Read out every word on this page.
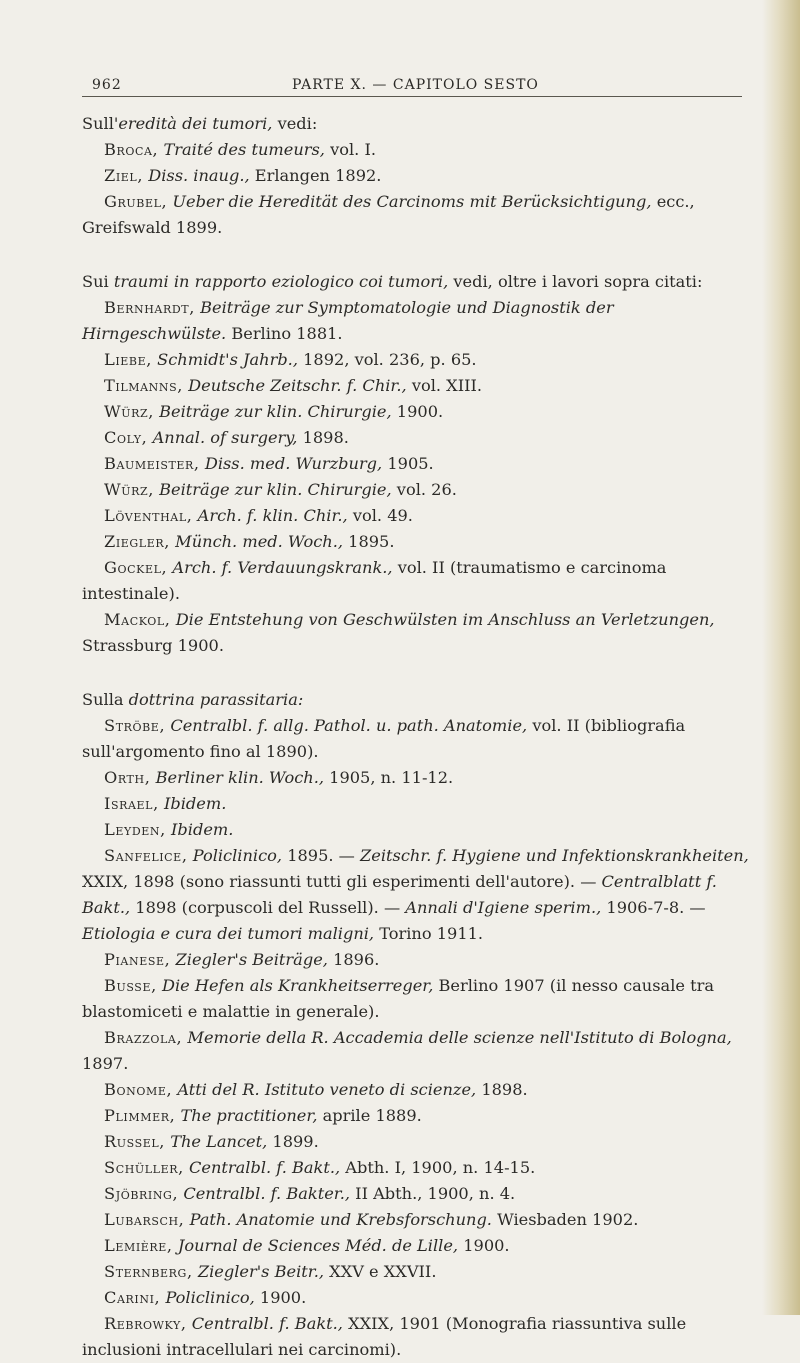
962	PARTE X. — CAPITOLO SESTO

Sull'eredità dei tumori, vedi:

Broca, Traité des tumeurs, vol. I.

Ziel, Diss. inaug., Erlangen 1892.

Grubel, Ueber die Heredität des Carcinoms mit Berücksichtigung, ecc., Greifswald 1899.

Sui traumi in rapporto eziologico coi tumori, vedi, oltre i lavori sopra citati:

Bernhardt, Beiträge zur Symptomatologie und Diagnostik der Hirngeschwülste. Berlino 1881.

Liebe, Schmidt's Jahrb., 1892, vol. 236, p. 65.

Tilmanns, Deutsche Zeitschr. f. Chir., vol. XIII.

Würz, Beiträge zur klin. Chirurgie, 1900.

Coly, Annal. of surgery, 1898.

Baumeister, Diss. med. Wurzburg, 1905.

Würz, Beiträge zur klin. Chirurgie, vol. 26.

Löventhal, Arch. f. klin. Chir., vol. 49.

Ziegler, Münch. med. Woch., 1895.

Gockel, Arch. f. Verdauungskrank., vol. II (traumatismo e carcinoma intestinale).

Mackol, Die Entstehung von Geschwülsten im Anschluss an Verletzungen, Strassburg 1900.

Sulla dottrina parassitaria:

Ströbe, Centralbl. f. allg. Pathol. u. path. Anatomie, vol. II (bibliografia sull'argomento fino al 1890).

Orth, Berliner klin. Woch., 1905, n. 11-12.

Israel, Ibidem.

Leyden, Ibidem.

Sanfelice, Policlinico, 1895. — Zeitschr. f. Hygiene und Infektionskrankheiten, XXIX, 1898 (sono riassunti tutti gli esperimenti dell'autore). — Centralblatt f. Bakt., 1898 (corpuscoli del Russell). — Annali d'Igiene sperim., 1906-7-8. — Etiologia e cura dei tumori maligni, Torino 1911.

Pianese, Ziegler's Beiträge, 1896.

Busse, Die Hefen als Krankheitserreger, Berlino 1907 (il nesso causale tra blastomiceti e malattie in generale).

Brazzola, Memorie della R. Accademia delle scienze nell'Istituto di Bologna, 1897.

Bonome, Atti del R. Istituto veneto di scienze, 1898.

Plimmer, The practitioner, aprile 1889.

Russel, The Lancet, 1899.

Schüller, Centralbl. f. Bakt., Abth. I, 1900, n. 14-15.

Sjöbring, Centralbl. f. Bakter., II Abth., 1900, n. 4.

Lubarsch, Path. Anatomie und Krebsforschung. Wiesbaden 1902.

Lemière, Journal de Sciences Méd. de Lille, 1900.

Sternberg, Ziegler's Beitr., XXV e XXVII.

Carini, Policlinico, 1900.

Rebrowky, Centralbl. f. Bakt., XXIX, 1901 (Monografia riassuntiva sulle inclusioni intracellulari nei carcinomi).
